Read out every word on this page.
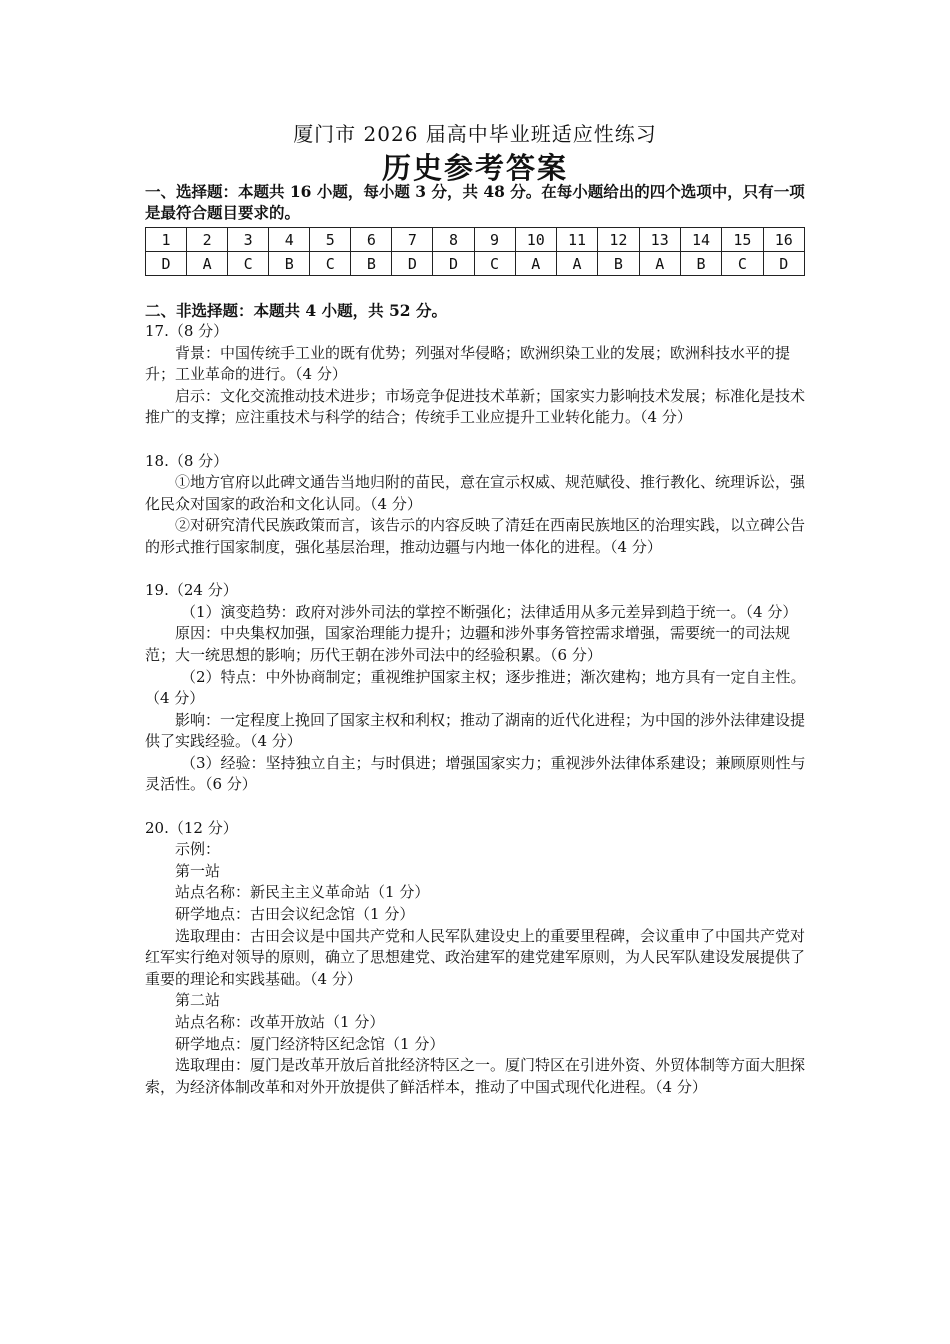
厦门市 2026 届高中毕业班适应性练习
历史参考答案
一、选择题：本题共 16 小题，每小题 3 分，共 48 分。在每小题给出的四个选项中，只有一项是最符合题目要求的。
1	2	3	4	5	6	7	8	9	10	11	12	13	14	15	16
D	A	C	B	C	B	D	D	C	A	A	B	A	B	C	D
二、非选择题：本题共 4 小题，共 52 分。

17.（8 分）

背景：中国传统手工业的既有优势；列强对华侵略；欧洲织染工业的发展；欧洲科技水平的提升；工业革命的进行。（4 分）

启示：文化交流推动技术进步；市场竞争促进技术革新；国家实力影响技术发展；标准化是技术推广的支撑；应注重技术与科学的结合；传统手工业应提升工业转化能力。（4 分）

18.（8 分）

①地方官府以此碑文通告当地归附的苗民，意在宣示权威、规范赋役、推行教化、统理诉讼，强化民众对国家的政治和文化认同。（4 分）

②对研究清代民族政策而言，该告示的内容反映了清廷在西南民族地区的治理实践，以立碑公告的形式推行国家制度，强化基层治理，推动边疆与内地一体化的进程。（4 分）

19.（24 分）

（1）演变趋势：政府对涉外司法的掌控不断强化；法律适用从多元差异到趋于统一。（4 分）

原因：中央集权加强，国家治理能力提升；边疆和涉外事务管控需求增强，需要统一的司法规范；大一统思想的影响；历代王朝在涉外司法中的经验积累。（6 分）

（2）特点：中外协商制定；重视维护国家主权；逐步推进；渐次建构；地方具有一定自主性。（4 分）

影响：一定程度上挽回了国家主权和利权；推动了湖南的近代化进程；为中国的涉外法律建设提供了实践经验。（4 分）

（3）经验：坚持独立自主；与时俱进；增强国家实力；重视涉外法律体系建设；兼顾原则性与灵活性。（6 分）

20.（12 分）

示例：

第一站

站点名称：新民主主义革命站（1 分）

研学地点：古田会议纪念馆（1 分）

选取理由：古田会议是中国共产党和人民军队建设史上的重要里程碑，会议重申了中国共产党对红军实行绝对领导的原则，确立了思想建党、政治建军的建党建军原则，为人民军队建设发展提供了重要的理论和实践基础。（4 分）

第二站

站点名称：改革开放站（1 分）

研学地点：厦门经济特区纪念馆（1 分）

选取理由：厦门是改革开放后首批经济特区之一。厦门特区在引进外资、外贸体制等方面大胆探索，为经济体制改革和对外开放提供了鲜活样本，推动了中国式现代化进程。（4 分）
